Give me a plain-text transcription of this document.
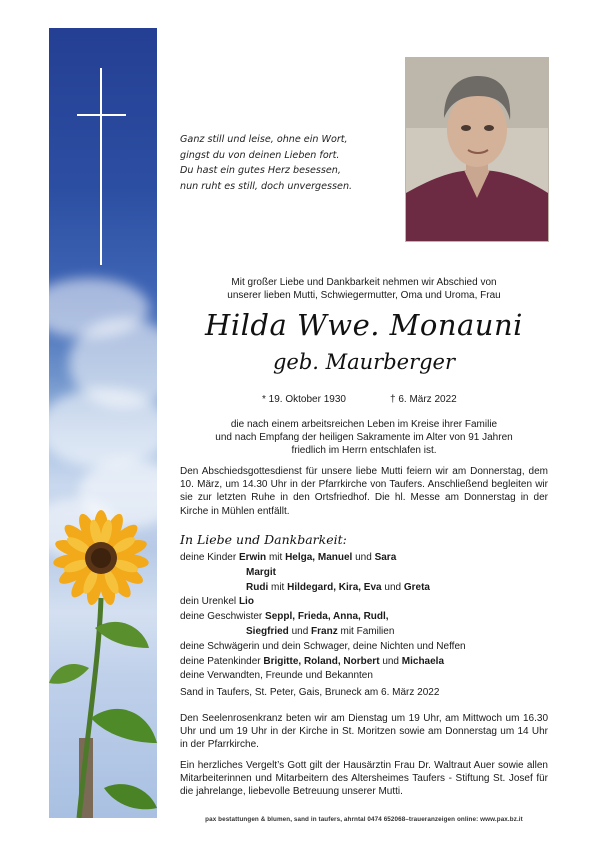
Ganz still und leise, ohne ein Wort,
gingst du von deinen Lieben fort.
Du hast ein gutes Herz besessen,
nun ruht es still, doch unvergessen.
Mit großer Liebe und Dankbarkeit nehmen wir Abschied von
unserer lieben Mutti, Schwiegermutter, Oma und Uroma, Frau
Hilda Wwe. Monauni
geb. Maurberger
* 19. Oktober 1930	† 6. März 2022
die nach einem arbeitsreichen Leben im Kreise ihrer Familie
und nach Empfang der heiligen Sakramente im Alter von 91 Jahren
friedlich im Herrn entschlafen ist.
Den Abschiedsgottesdienst für unsere liebe Mutti feiern wir am Donnerstag, dem 10. März, um 14.30 Uhr in der Pfarrkirche von Taufers. Anschließend begleiten wir sie zur letzten Ruhe in den Ortsfriedhof. Die hl. Messe am Donnerstag in der Kirche in Mühlen entfällt.
In Liebe und Dankbarkeit:
deine Kinder Erwin mit Helga, Manuel und Sara
Margit
Rudi mit Hildegard, Kira, Eva und Greta
dein Urenkel Lio
deine Geschwister Seppl, Frieda, Anna, Rudl,
Siegfried und Franz mit Familien
deine Schwägerin und dein Schwager, deine Nichten und Neffen
deine Patenkinder Brigitte, Roland, Norbert und Michaela
deine Verwandten, Freunde und Bekannten
Sand in Taufers, St. Peter, Gais, Bruneck am 6. März 2022
Den Seelenrosenkranz beten wir am Dienstag um 19 Uhr, am Mittwoch um 16.30 Uhr und um 19 Uhr in der Kirche in St. Moritzen sowie am Donnerstag um 14 Uhr in der Pfarrkirche.
Ein herzliches Vergelt’s Gott gilt der Hausärztin Frau Dr. Waltraut Auer sowie allen Mitarbeiterinnen und Mitarbeitern des Altersheimes Taufers - Stiftung St. Josef für die jahrelange, liebevolle Betreuung unserer Mutti.
pax bestattungen & blumen, sand in taufers, ahrntal 0474 652068–traueranzeigen online: www.pax.bz.it
